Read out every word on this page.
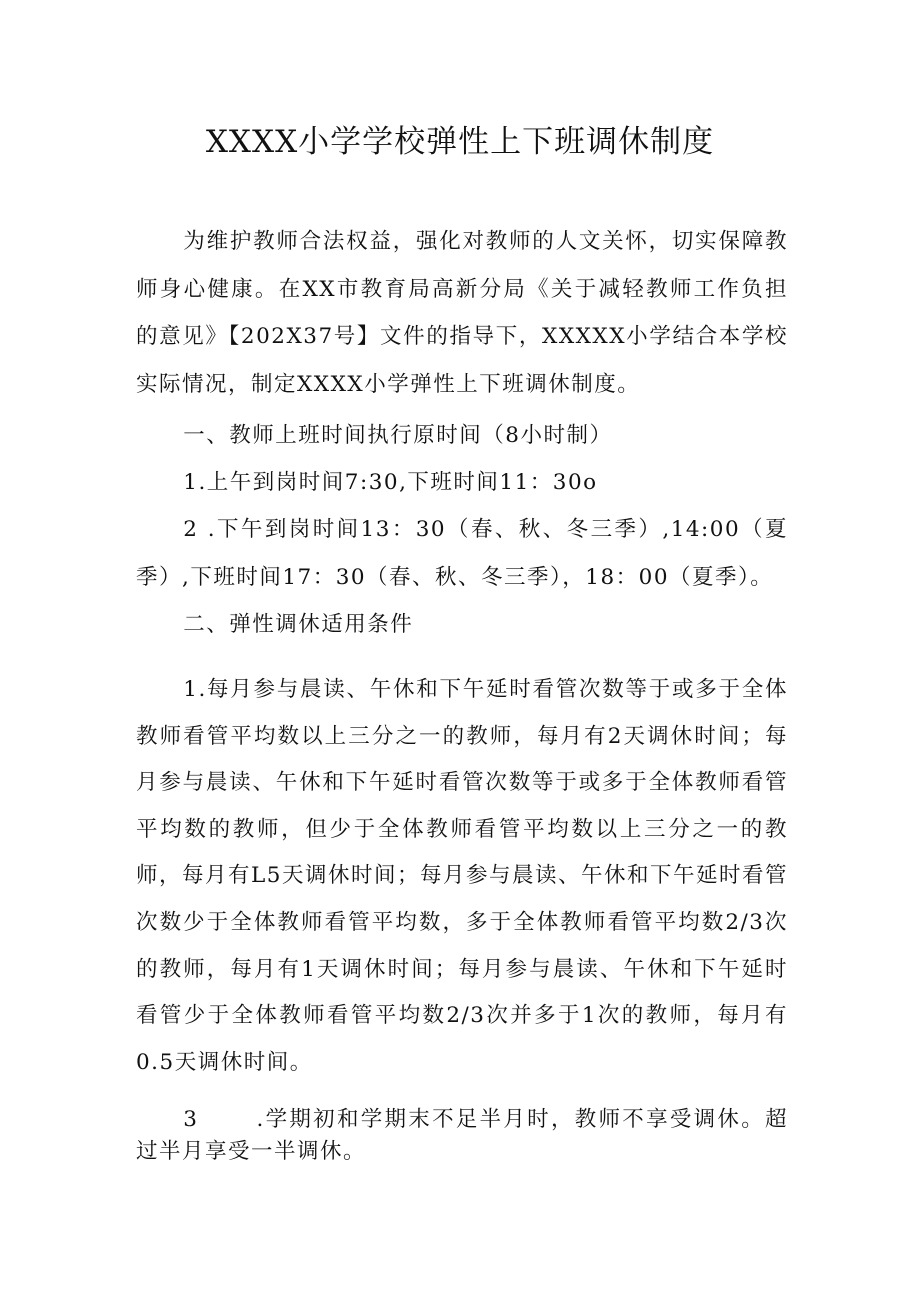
XXXX小学学校弹性上下班调休制度

为维护教师合法权益，强化对教师的人文关怀，切实保障教师身心健康。在XX市教育局高新分局《关于减轻教师工作负担的意见》【202X37号】文件的指导下，XXXXX小学结合本学校实际情况，制定XXXX小学弹性上下班调休制度。

一、教师上班时间执行原时间（8小时制）

1.上午到岗时间7:30,下班时间11：30o

2 .下午到岗时间13：30（春、秋、冬三季）,14:00（夏季）,下班时间17：30（春、秋、冬三季），18：00（夏季）。

二、弹性调休适用条件

1.每月参与晨读、午休和下午延时看管次数等于或多于全体教师看管平均数以上三分之一的教师，每月有2天调休时间；每月参与晨读、午休和下午延时看管次数等于或多于全体教师看管平均数的教师，但少于全体教师看管平均数以上三分之一的教师，每月有L5天调休时间；每月参与晨读、午休和下午延时看管次数少于全体教师看管平均数，多于全体教师看管平均数2/3次的教师，每月有1天调休时间；每月参与晨读、午休和下午延时看管少于全体教师看管平均数2/3次并多于1次的教师，每月有0.5天调休时间。

3	.学期初和学期末不足半月时，教师不享受调休。超过半月享受一半调休。
